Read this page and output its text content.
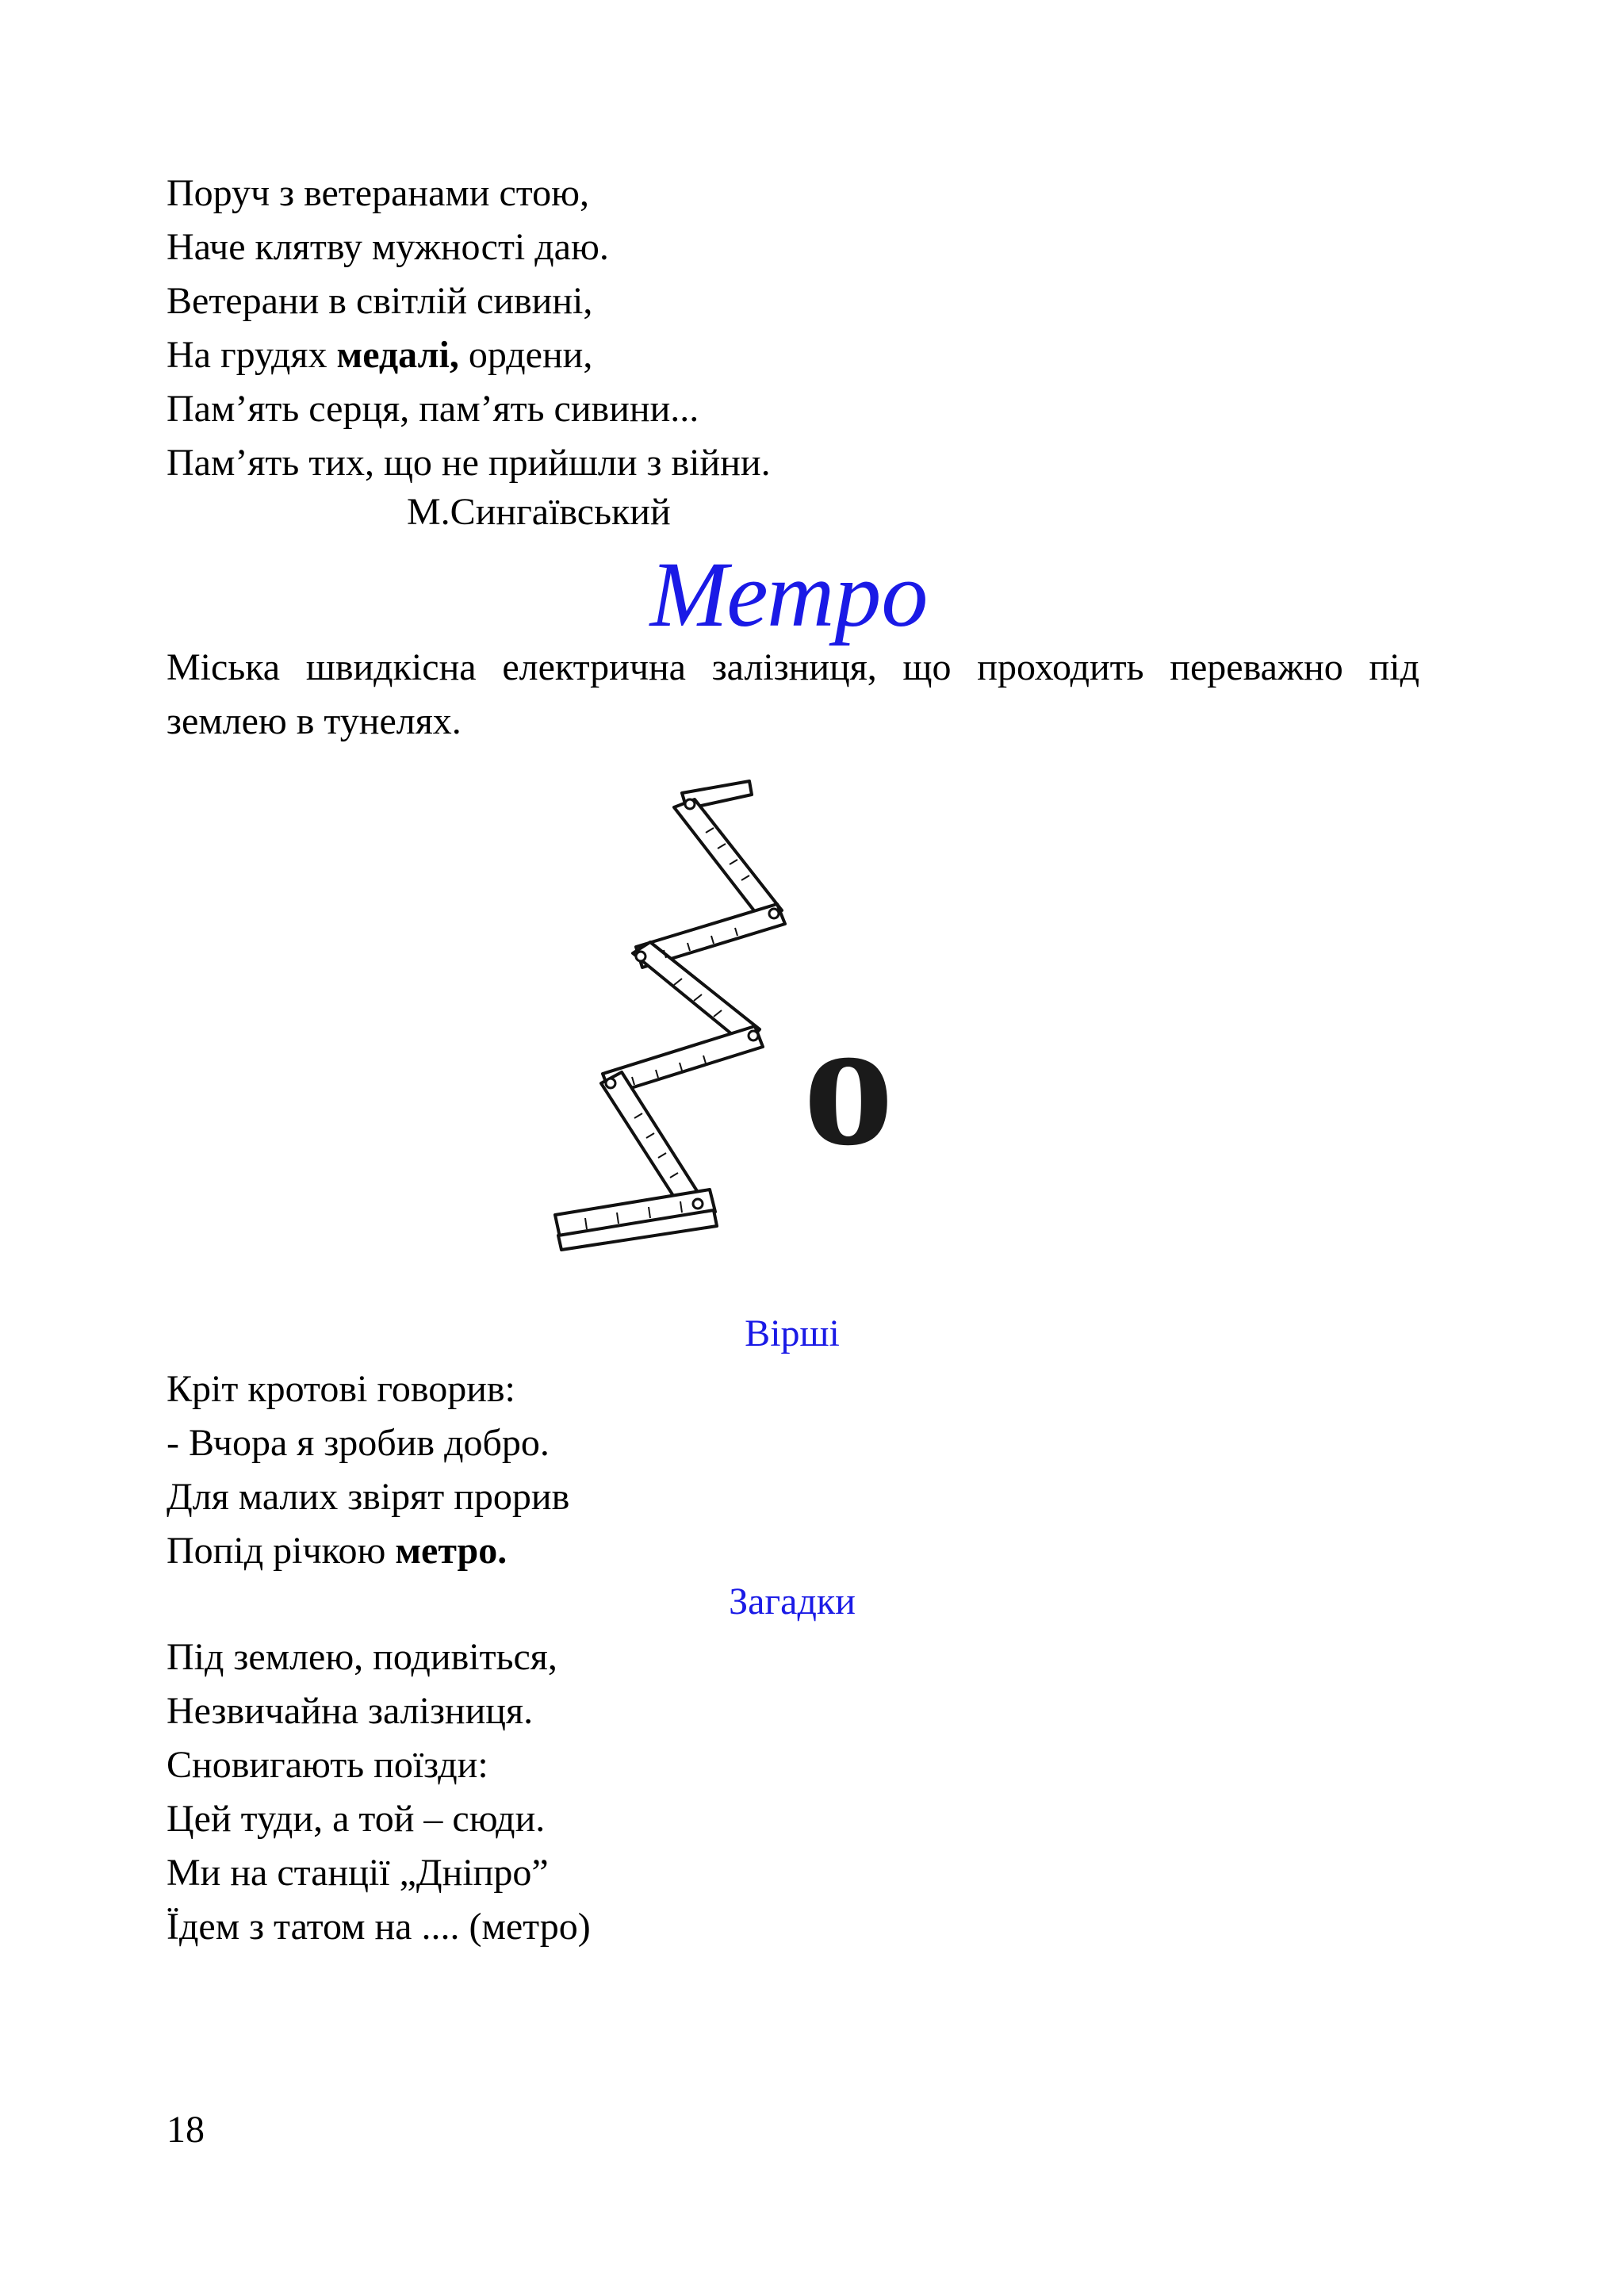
Поруч з ветеранами стою,
Наче клятву мужності даю.
Ветерани в світлій сивині,
На грудях медалі, ордени,
Пам’ять серця, пам’ять сивини...
Пам’ять тих, що не прийшли з війни.
М.Сингаївський
Метро
Міська швидкісна електрична залізниця, що проходить переважно під землею в тунелях.
о
Вірші
Кріт кротові говорив:
- Вчора я зробив добро.
Для малих звірят прорив
Попід річкою метро.
Загадки
Під землею, подивіться,
Незвичайна залізниця.
Сновигають поїзди:
Цей туди, а той – сюди.
Ми на станції „Дніпро”
Їдем з татом на .... (метро)
18
